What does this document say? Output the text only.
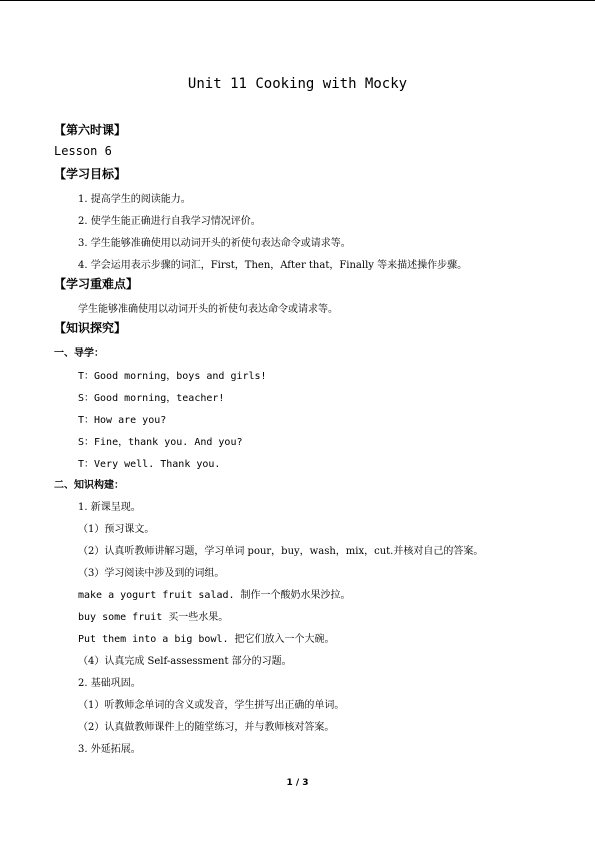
Unit 11 Cooking with Mocky
【第六时课】
Lesson 6
【学习目标】
1. 提高学生的阅读能力。
2. 使学生能正确进行自我学习情况评价。
3. 学生能够准确使用以动词开头的祈使句表达命令或请求等。
4. 学会运用表示步骤的词汇，First，Then，After that，Finally 等来描述操作步骤。
【学习重难点】
学生能够准确使用以动词开头的祈使句表达命令或请求等。
【知识探究】
一、导学：
T：Good morning，boys and girls!
S：Good morning，teacher!
T：How are you?
S：Fine，thank you. And you?
T：Very well. Thank you.
二、知识构建：
1. 新课呈现。
（1）预习课文。
（2）认真听教师讲解习题，学习单词 pour，buy，wash，mix，cut.并核对自己的答案。
（3）学习阅读中涉及到的词组。
make a yogurt fruit salad. 制作一个酸奶水果沙拉。
buy some fruit 买一些水果。
Put them into a big bowl. 把它们放入一个大碗。
（4）认真完成 Self-assessment 部分的习题。
2. 基础巩固。
（1）听教师念单词的含义或发音，学生拼写出正确的单词。
（2）认真做教师课件上的随堂练习，并与教师核对答案。
3. 外延拓展。
1 / 3
